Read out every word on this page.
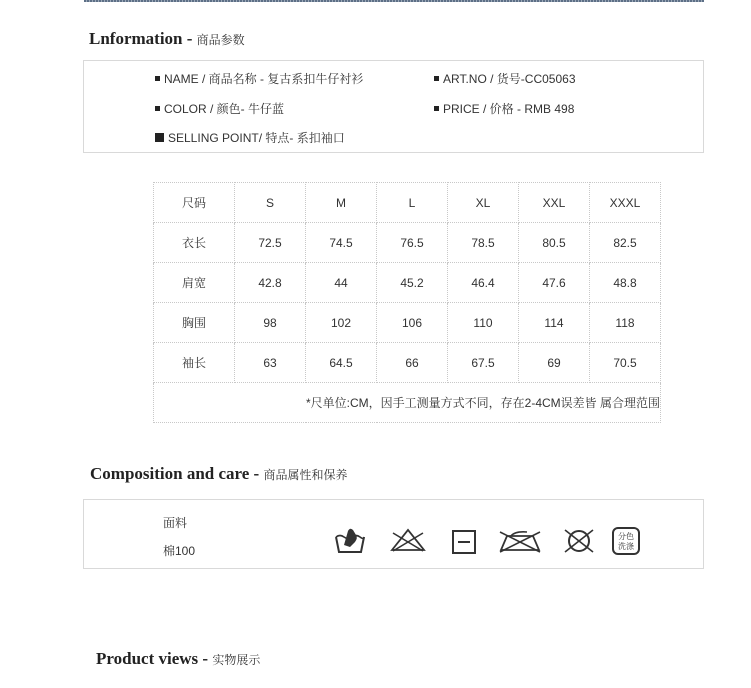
Lnformation - 商品参数
NAME / 商品名称 - 复古系扣牛仔衬衫	ART.NO / 货号-CC05063
COLOR / 颜色- 牛仔蓝	PRICE / 价格 - RMB 498
SELLING POINT/ 特点- 系扣袖口
尺码	S	M	L	XL	XXL	XXXL
衣长	72.5	74.5	76.5	78.5	80.5	82.5
肩宽	42.8	44	45.2	46.4	47.6	48.8
胸围	98	102	106	110	114	118
袖长	63	64.5	66	67.5	69	70.5
*尺单位:CM，因手工测量方式不同，存在2-4CM误差皆 属合理范围						
Composition and care - 商品属性和保养
面料
棉100
分色
洗涤
Product views - 实物展示
